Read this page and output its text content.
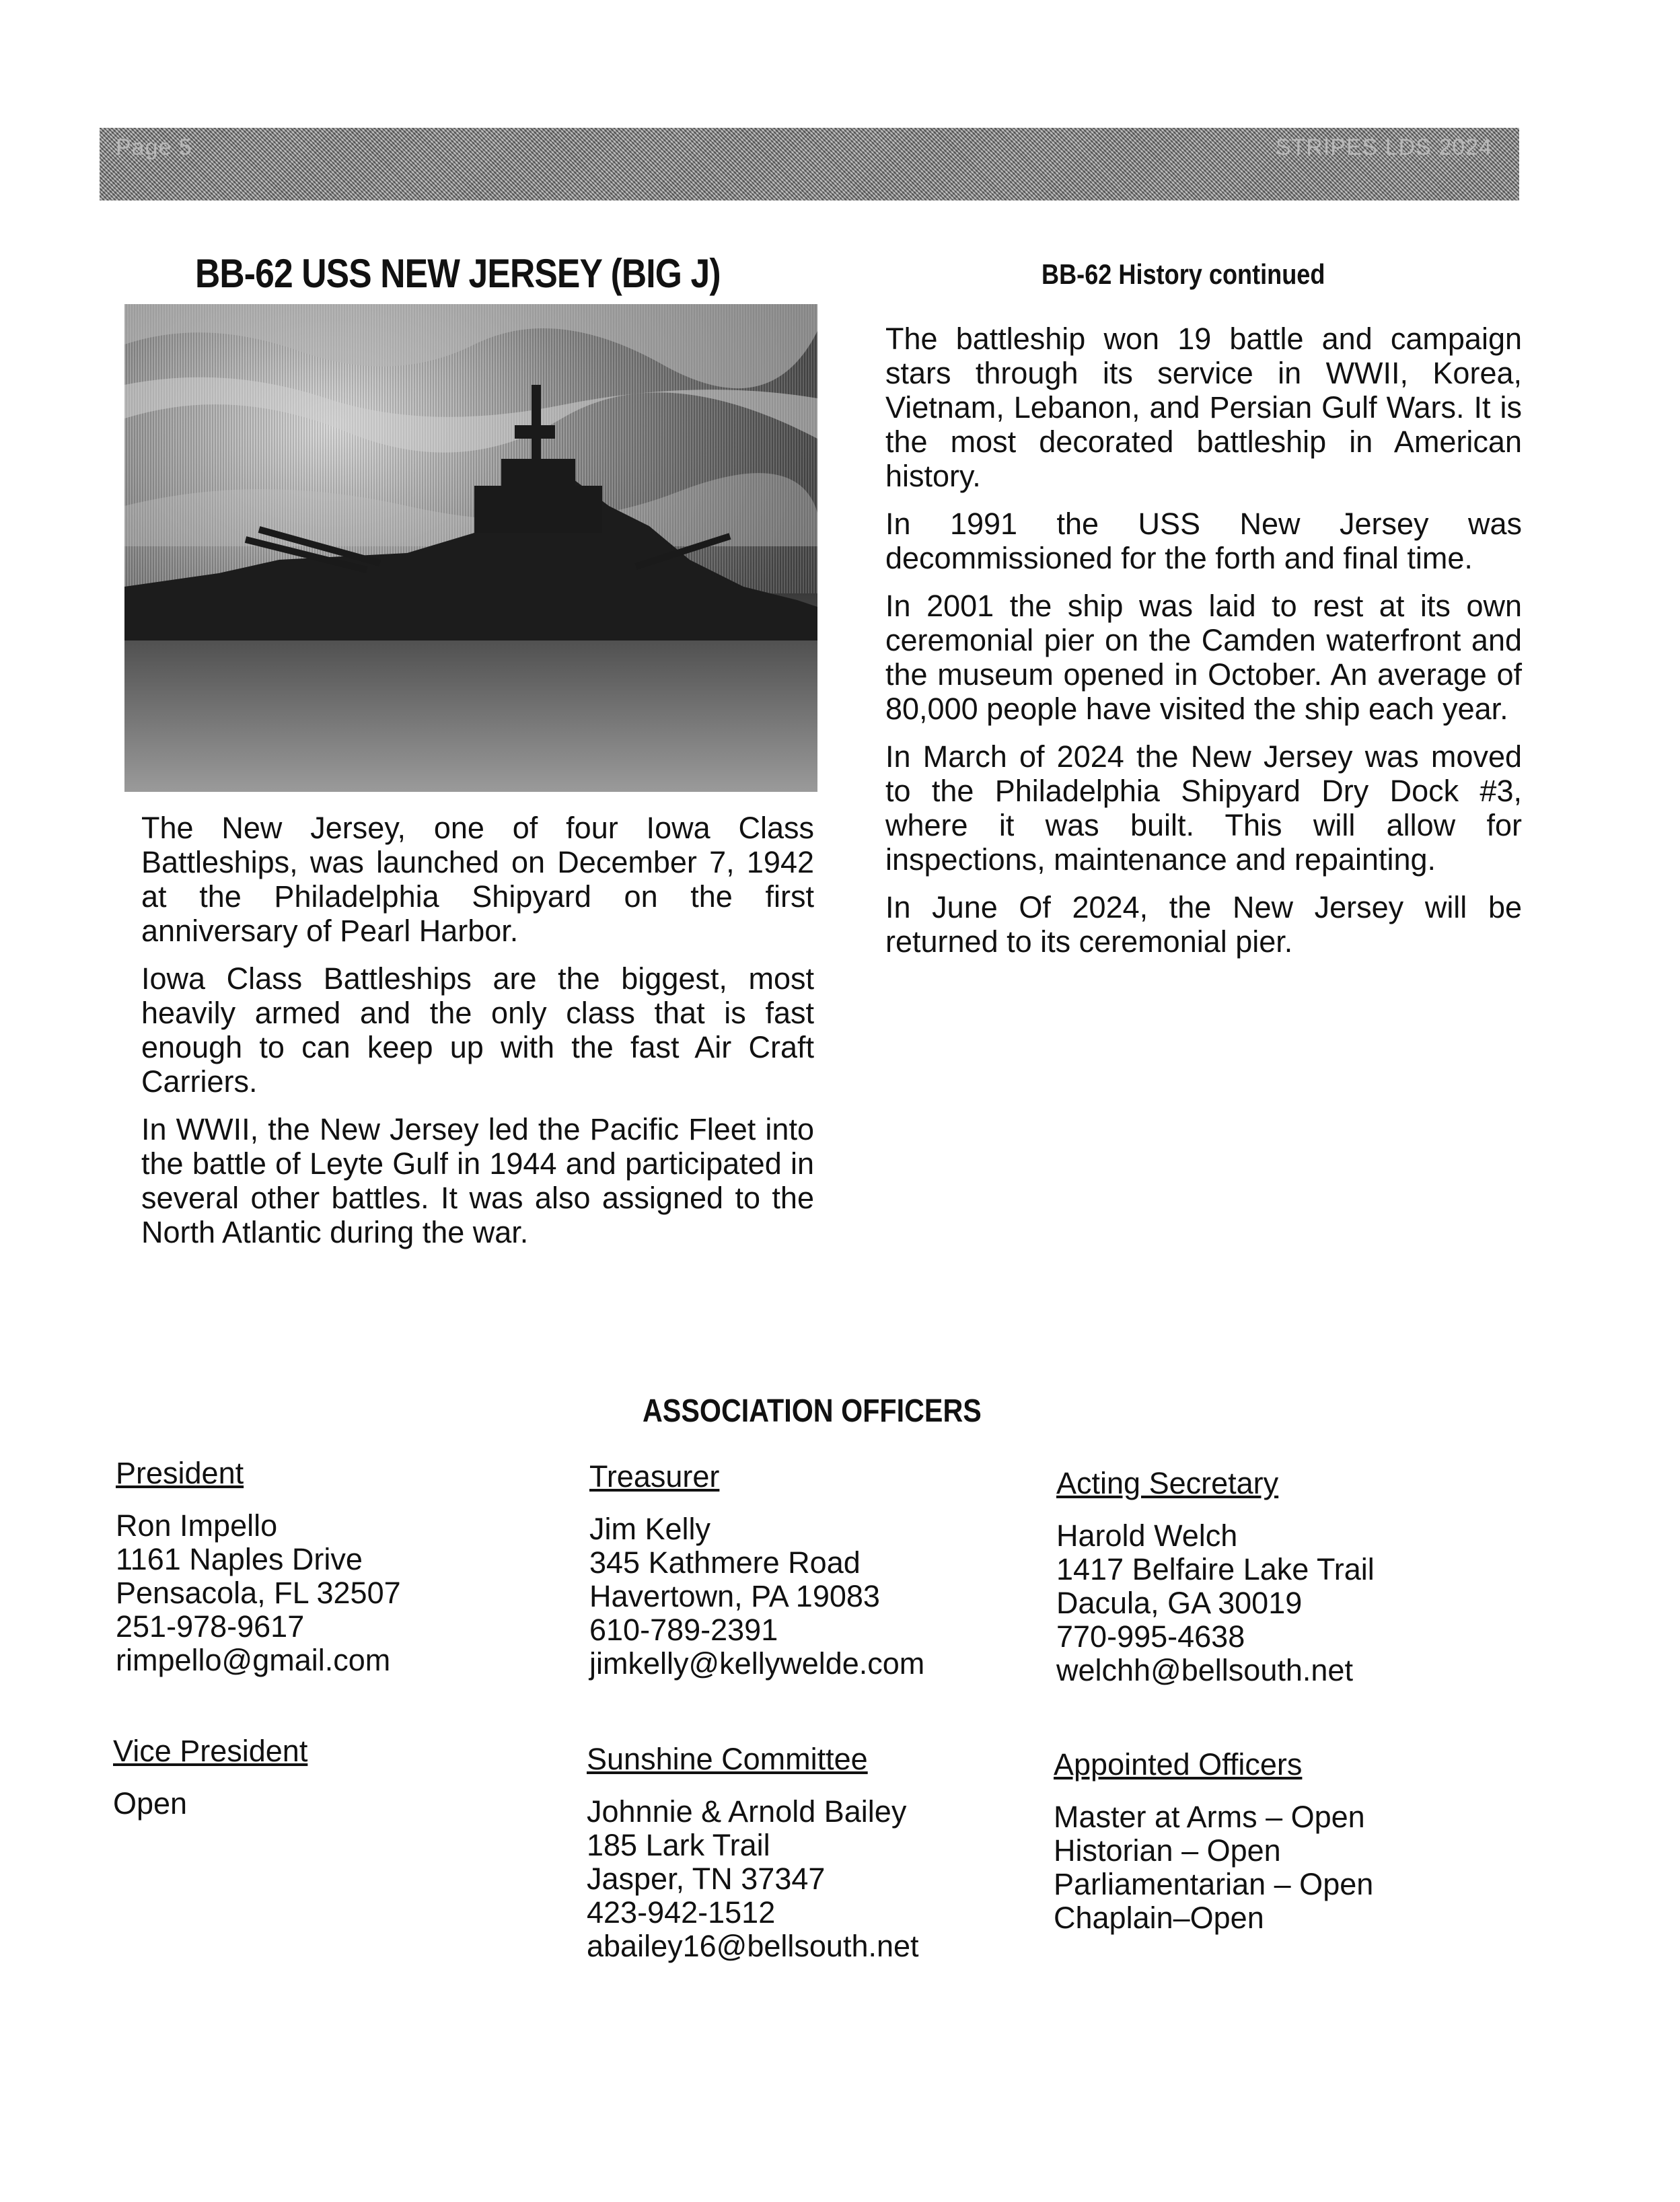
Page 5	STRIPES LDS 2024
BB-62 USS NEW JERSEY (BIG J)	BB-62 History continued

The New Jersey, one of four Iowa Class Battleships, was launched on December 7, 1942 at the Philadelphia Shipyard on the first anniversary of Pearl Harbor.

Iowa Class Battleships are the biggest, most heavily armed and the only class that is fast enough to can keep up with the fast Air Craft Carriers.

In WWII, the New Jersey led the Pacific Fleet into the battle of Leyte Gulf in 1944 and participated in several other battles. It was also assigned to the North Atlantic during the war.

The battleship won 19 battle and campaign stars through its service in WWII, Korea, Vietnam, Lebanon, and Persian Gulf Wars. It is the most decorated battleship in American history.

In 1991 the USS New Jersey was decommissioned for the forth and final time.

In 2001 the ship was laid to rest at its own ceremonial pier on the Camden waterfront and the museum opened in October. An average of 80,000 people have visited the ship each year.

In March of 2024 the New Jersey was moved to the Philadelphia Shipyard Dry Dock #3, where it was built. This will allow for inspections, maintenance and repainting.

In June Of 2024, the New Jersey will be returned to its ceremonial pier.

ASSOCIATION OFFICERS
President
Ron Impello
1161 Naples Drive
Pensacola, FL 32507
251-978-9617
rimpello@gmail.com
Treasurer
Jim Kelly
345 Kathmere Road
Havertown, PA 19083
610-789-2391
jimkelly@kellywelde.com
Acting Secretary
Harold Welch
1417 Belfaire Lake Trail
Dacula, GA 30019
770-995-4638
welchh@bellsouth.net
Vice President
Open
Sunshine Committee
Johnnie & Arnold Bailey
185 Lark Trail
Jasper, TN 37347
423-942-1512
abailey16@bellsouth.net
Appointed Officers
Master at Arms – Open
Historian – Open
Parliamentarian – Open
Chaplain–Open
